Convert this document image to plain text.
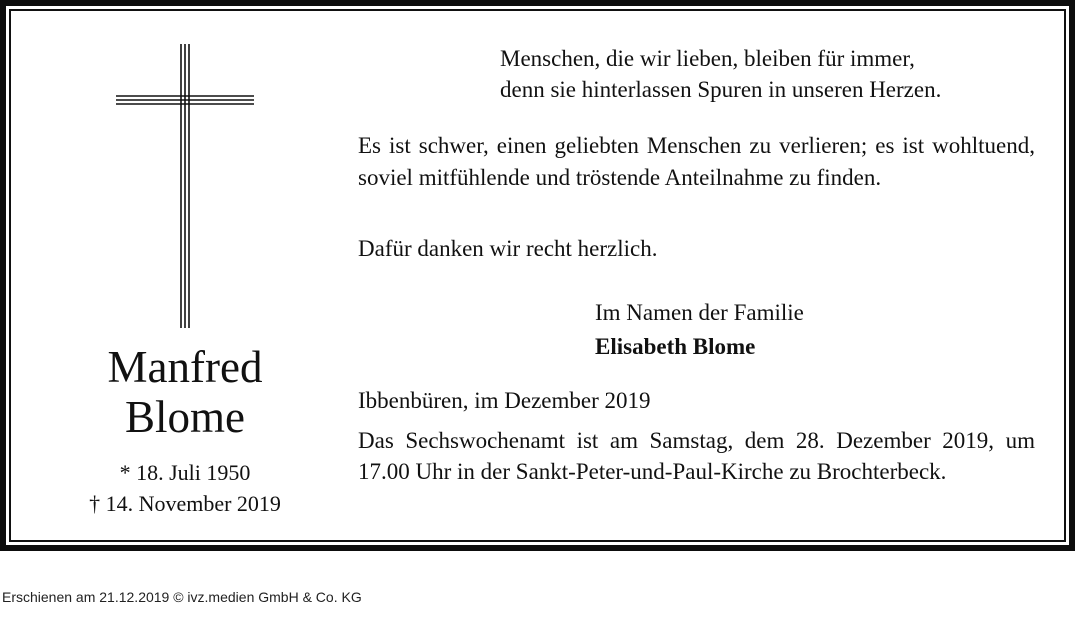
Manfred
Blome
* 18. Juli 1950
† 14. November 2019
Menschen, die wir lieben, bleiben für immer,
denn sie hinterlassen Spuren in unseren Herzen.
Es ist schwer, einen geliebten Menschen zu verlieren; es ist wohltuend, soviel mitfühlende und tröstende Anteilnahme zu finden.
Dafür danken wir recht herzlich.
Im Namen der Familie
Elisabeth Blome
Ibbenbüren, im Dezember 2019
Das Sechswochenamt ist am Samstag, dem 28. Dezember 2019, um 17.00 Uhr in der Sankt-Peter-und-Paul-Kirche zu Brochterbeck.
Erschienen am 21.12.2019 © ivz.medien GmbH & Co. KG
